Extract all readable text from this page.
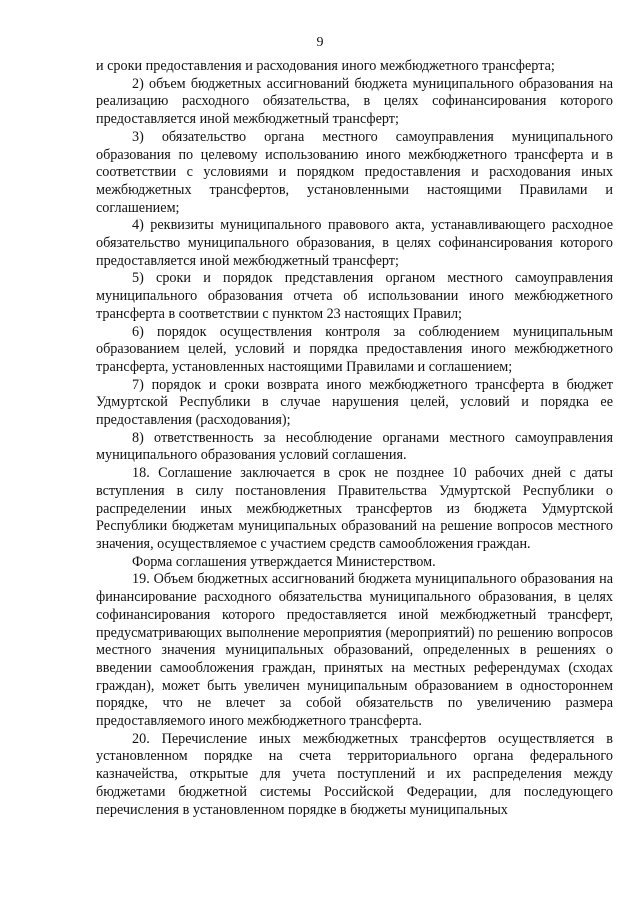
9

и сроки предоставления и расходования иного межбюджетного трансферта;

2) объем бюджетных ассигнований бюджета муниципального образования на реализацию расходного обязательства, в целях софинансирования которого предоставляется иной межбюджетный трансферт;

3) обязательство органа местного самоуправления муниципального образования по целевому использованию иного межбюджетного трансферта и в соответствии с условиями и порядком предоставления и расходования иных межбюджетных трансфертов, установленными настоящими Правилами и соглашением;

4) реквизиты муниципального правового акта, устанавливающего расходное обязательство муниципального образования, в целях софинансирования которого предоставляется иной межбюджетный трансферт;

5) сроки и порядок представления органом местного самоуправления муниципального образования отчета об использовании иного межбюджетного трансферта в соответствии с пунктом 23 настоящих Правил;

6) порядок осуществления контроля за соблюдением муниципальным образованием целей, условий и порядка предоставления иного межбюджетного трансферта, установленных настоящими Правилами и соглашением;

7) порядок и сроки возврата иного межбюджетного трансферта в бюджет Удмуртской Республики в случае нарушения целей, условий и порядка ее предоставления (расходования);

8) ответственность за несоблюдение органами местного самоуправления муниципального образования условий соглашения.

18. Соглашение заключается в срок не позднее 10 рабочих дней с даты вступления в силу постановления Правительства Удмуртской Республики о распределении иных межбюджетных трансфертов из бюджета Удмуртской Республики бюджетам муниципальных образований на решение вопросов местного значения, осуществляемое с участием средств самообложения граждан.

Форма соглашения утверждается Министерством.

19. Объем бюджетных ассигнований бюджета муниципального образования на финансирование расходного обязательства муниципального образования, в целях софинансирования которого предоставляется иной межбюджетный трансферт, предусматривающих выполнение мероприятия (мероприятий) по решению вопросов местного значения муниципальных образований, определенных в решениях о введении самообложения граждан, принятых на местных референдумах (сходах граждан), может быть увеличен муниципальным образованием в одностороннем порядке, что не влечет за собой обязательств по увеличению размера предоставляемого иного межбюджетного трансферта.

20. Перечисление иных межбюджетных трансфертов осуществляется в установленном порядке на счета территориального органа федерального казначейства, открытые для учета поступлений и их распределения между бюджетами бюджетной системы Российской Федерации, для последующего перечисления в установленном порядке в бюджеты муниципальных
